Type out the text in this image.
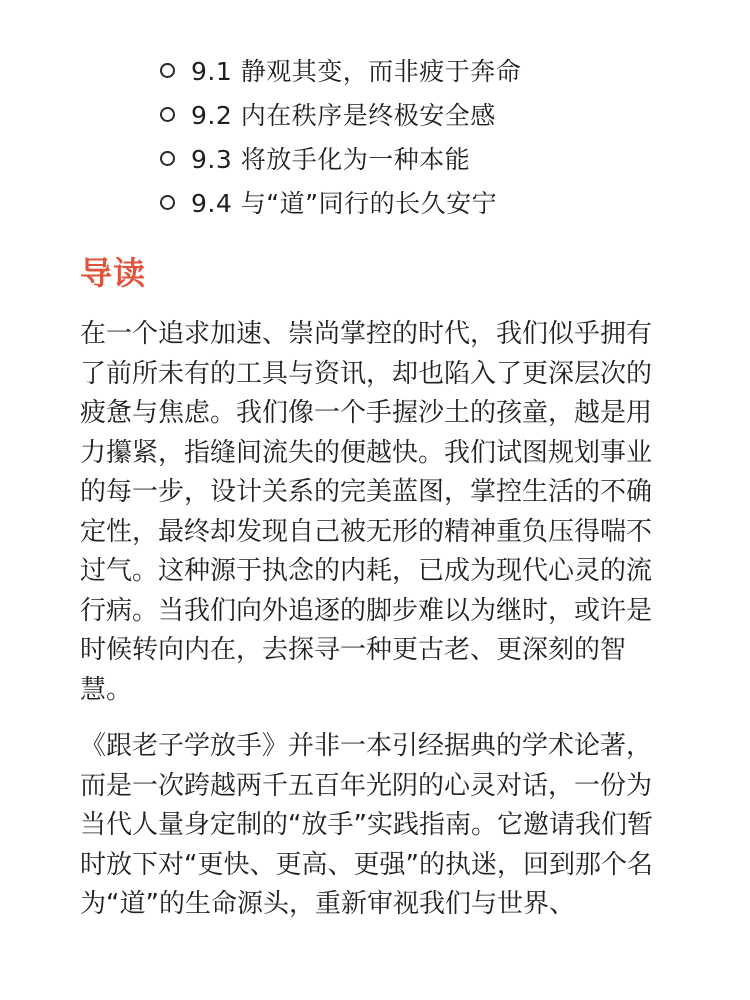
9.1 静观其变，而非疲于奔命
9.2 内在秩序是终极安全感
9.3 将放手化为一种本能
9.4 与“道”同行的长久安宁
导读

在一个追求加速、崇尚掌控的时代，我们似乎拥有了前所未有的工具与资讯，却也陷入了更深层次的疲惫与焦虑。我们像一个手握沙土的孩童，越是用力攥紧，指缝间流失的便越快。我们试图规划事业的每一步，设计关系的完美蓝图，掌控生活的不确定性，最终却发现自己被无形的精神重负压得喘不过气。这种源于执念的内耗，已成为现代心灵的流行病。当我们向外追逐的脚步难以为继时，或许是时候转向内在，去探寻一种更古老、更深刻的智慧。

《跟老子学放手》并非一本引经据典的学术论著，而是一次跨越两千五百年光阴的心灵对话，一份为当代人量身定制的“放手”实践指南。它邀请我们暂时放下对“更快、更高、更强”的执迷，回到那个名为“道”的生命源头，重新审视我们与世界、
